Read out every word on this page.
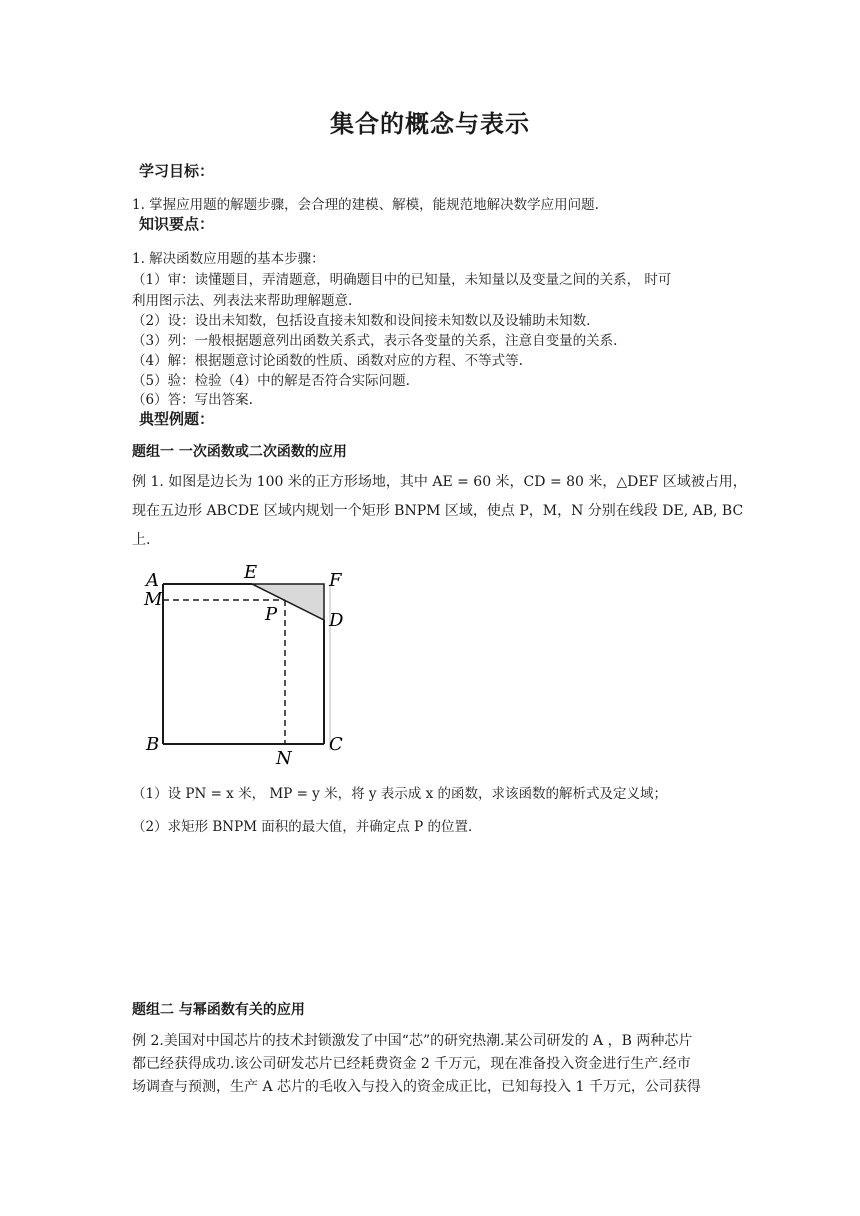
集合的概念与表示
学习目标：
1. 掌握应用题的解题步骤，会合理的建模、解模，能规范地解决数学应用问题.
知识要点：
1. 解决函数应用题的基本步骤：
（1）审：读懂题目，弄清题意，明确题目中的已知量，未知量以及变量之间的关系， 时可
利用图示法、列表法来帮助理解题意.
（2）设：设出未知数，包括设直接未知数和设间接未知数以及设辅助未知数.
（3）列：一般根据题意列出函数关系式，表示各变量的关系，注意自变量的关系.
（4）解：根据题意讨论函数的性质、函数对应的方程、不等式等.
（5）验：检验（4）中的解是否符合实际问题.
（6）答：写出答案.
典型例题：
题组一 一次函数或二次函数的应用
例 1. 如图是边长为 100 米的正方形场地，其中 AE = 60 米，CD = 80 米，△DEF 区域被占用，
现在五边形 ABCDE 区域内规划一个矩形 BNPM 区域，使点 P，M，N 分别在线段 DE, AB, BC
上.
A
M
E	F
P	D
B
N
C
（1）设 PN = x 米， MP = y 米，将 y 表示成 x 的函数，求该函数的解析式及定义域；
（2）求矩形 BNPM 面积的最大值，并确定点 P 的位置.
题组二 与幂函数有关的应用
例 2.美国对中国芯片的技术封锁激发了中国“芯”的研究热潮.某公司研发的 A ，B 两种芯片
都已经获得成功.该公司研发芯片已经耗费资金 2 千万元，现在准备投入资金进行生产.经市
场调查与预测，生产 A 芯片的毛收入与投入的资金成正比，已知每投入 1 千万元，公司获得
